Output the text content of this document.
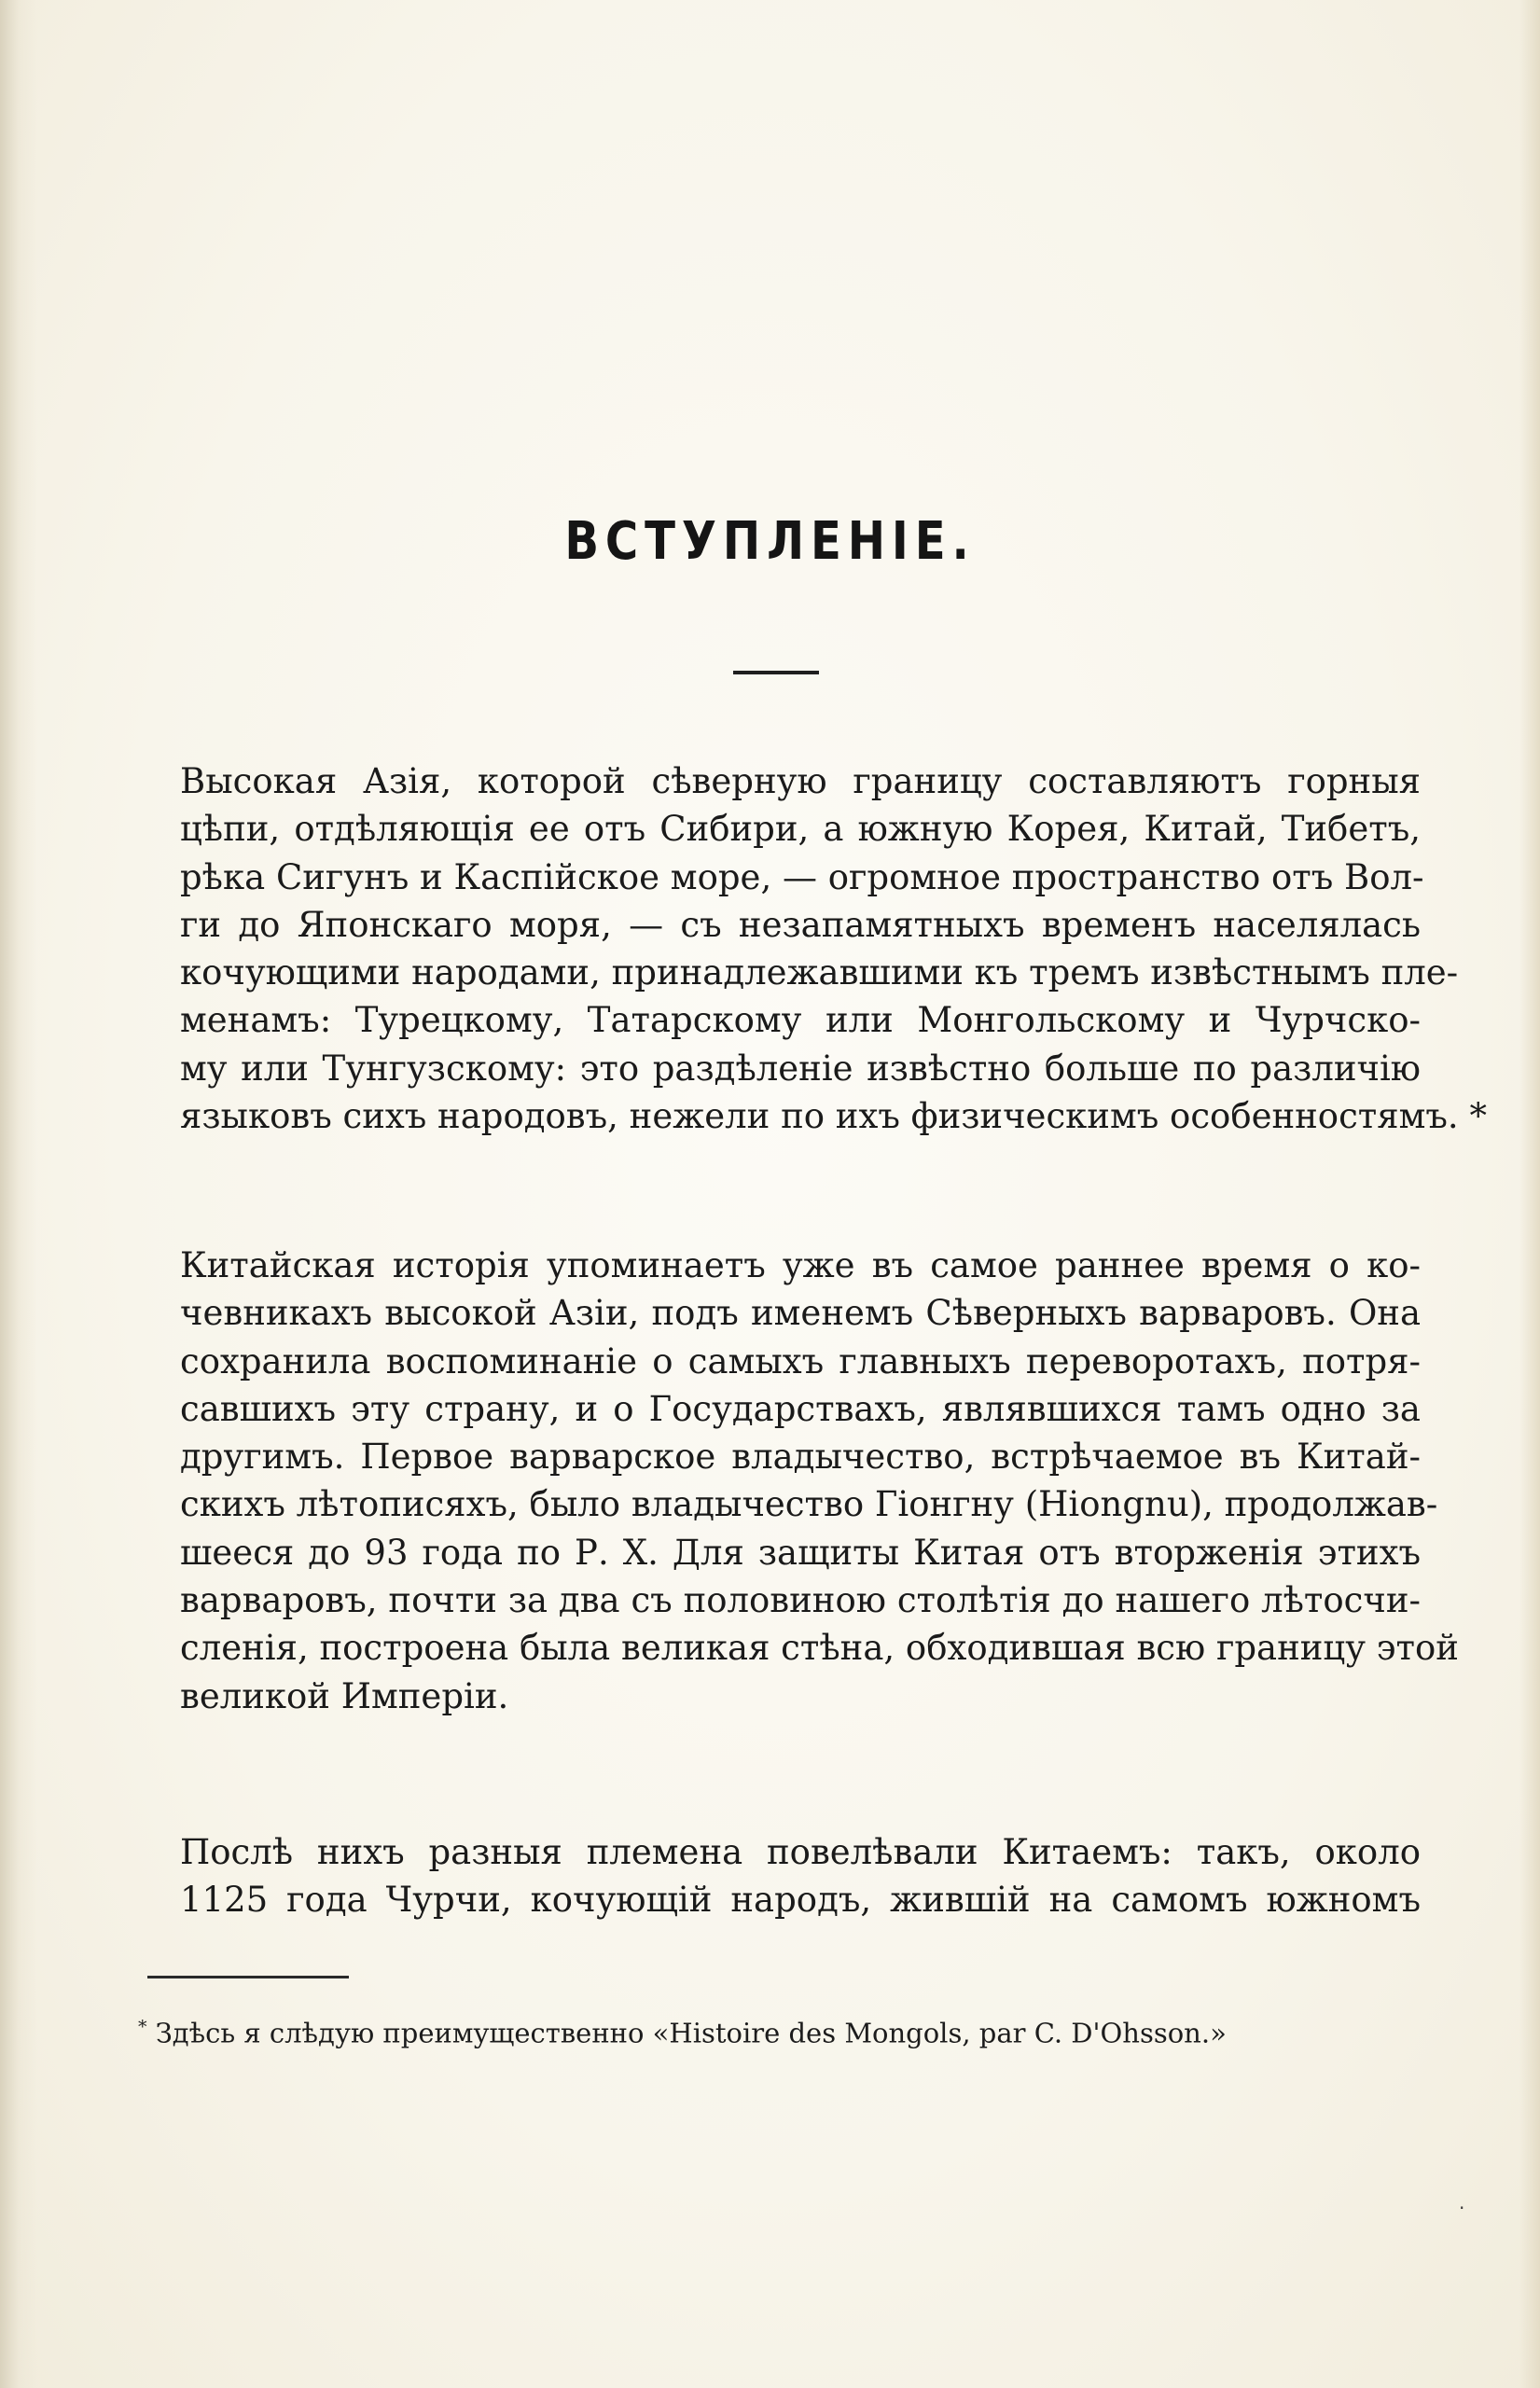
ВСТУПЛЕНІЕ.
Высокая Азія, которой сѣверную границу составляютъ горныя
цѣпи, отдѣляющія ее отъ Сибири, а южную Корея, Китай, Тибетъ,
рѣка Сигунъ и Каспійское море, — огромное пространство отъ Вол-
ги до Японскаго моря, — съ незапамятныхъ временъ населялась
кочующими народами, принадлежавшими къ тремъ извѣстнымъ пле-
менамъ: Турецкому, Татарскому или Монгольскому и Чурчско-
му или Тунгузскому: это раздѣленіе извѣстно больше по различію
языковъ сихъ народовъ, нежели по ихъ физическимъ особенностямъ. *
Китайская исторія упоминаетъ уже въ самое раннее время о ко-
чевникахъ высокой Азіи, подъ именемъ Сѣверныхъ варваровъ. Она
сохранила воспоминаніе о самыхъ главныхъ переворотахъ, потря-
савшихъ эту страну, и о Государствахъ, являвшихся тамъ одно за
другимъ. Первое варварское владычество, встрѣчаемое въ Китай-
скихъ лѣтописяхъ, было владычество Гіонгну (Hiongnu), продолжав-
шееся до 93 года по Р. Х. Для защиты Китая отъ вторженія этихъ
варваровъ, почти за два съ половиною столѣтія до нашего лѣтосчи-
сленія, построена была великая стѣна, обходившая всю границу этой
великой Имперіи.
Послѣ нихъ разныя племена повелѣвали Китаемъ: такъ, около
1125 года Чурчи, кочующій народъ, жившій на самомъ южномъ
* Здѣсь я слѣдую преимущественно «Histoire des Mongols, par C. D'Ohsson.»
·
